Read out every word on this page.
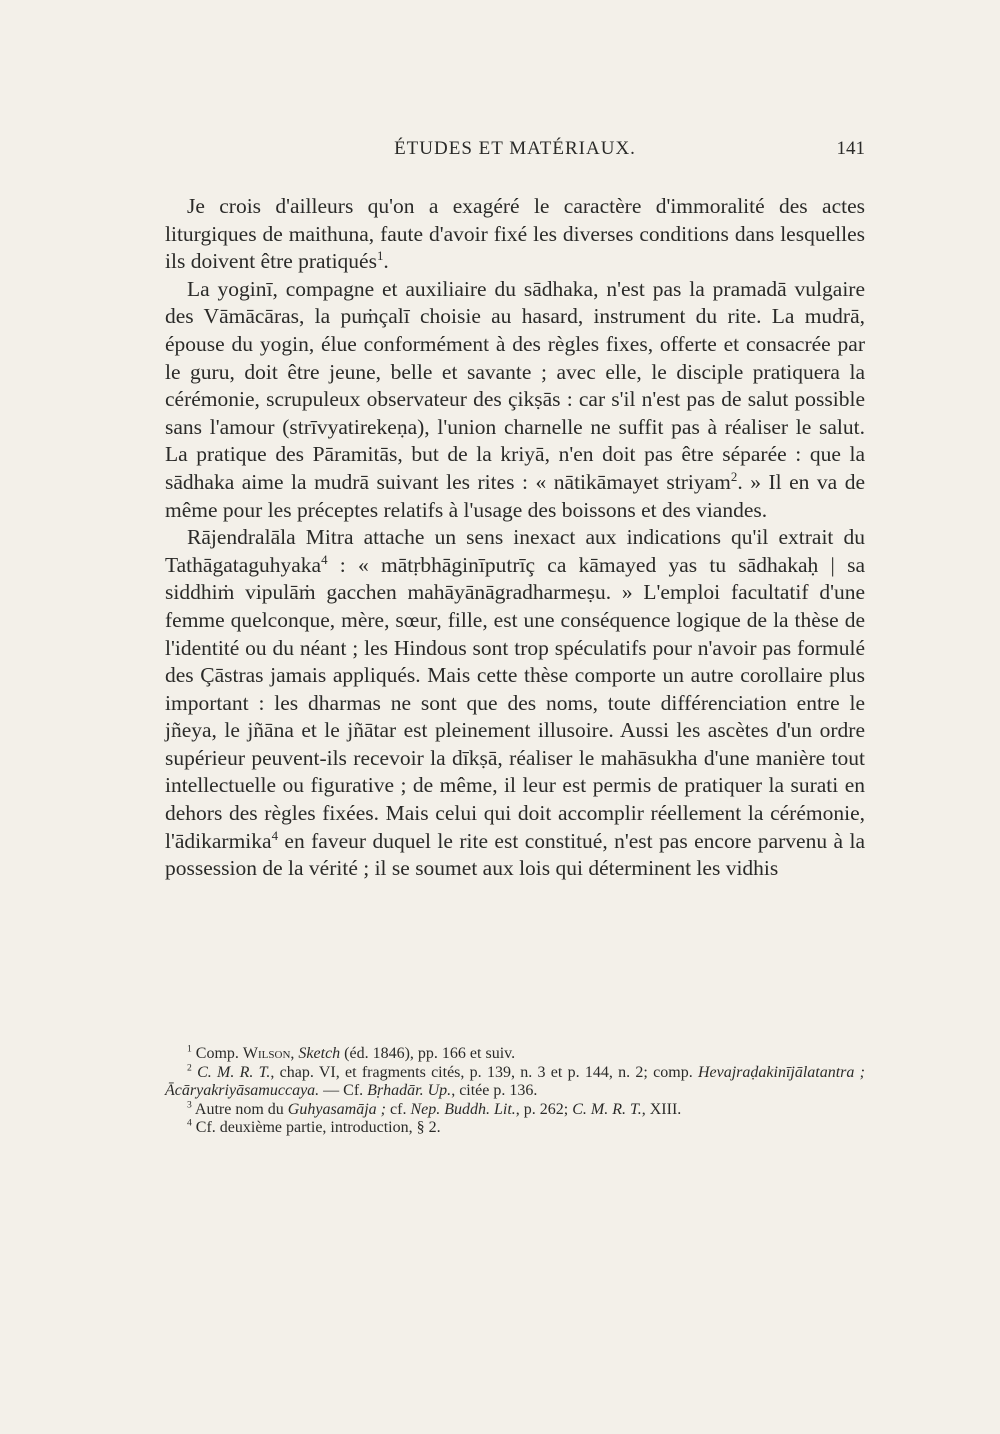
ÉTUDES ET MATÉRIAUX.	141

Je crois d'ailleurs qu'on a exagéré le caractère d'immoralité des actes liturgiques de maithuna, faute d'avoir fixé les diverses conditions dans lesquelles ils doivent être pratiqués$^1$.

La yoginī, compagne et auxiliaire du sādhaka, n'est pas la pramadā vulgaire des Vāmācāras, la puṁçalī choisie au hasard, instrument du rite. La mudrā, épouse du yogin, élue conformément à des règles fixes, offerte et consacrée par le guru, doit être jeune, belle et savante ; avec elle, le disciple pratiquera la cérémonie, scrupuleux observateur des çikṣās : car s'il n'est pas de salut possible sans l'amour (strīvyatirekeṇa), l'union charnelle ne suffit pas à réaliser le salut. La pratique des Pāramitās, but de la kriyā, n'en doit pas être séparée : que la sādhaka aime la mudrā suivant les rites : « nātikāmayet striyam$^2$. » Il en va de même pour les préceptes relatifs à l'usage des boissons et des viandes.

Rājendralāla Mitra attache un sens inexact aux indications qu'il extrait du Tathāgataguhyaka$^4$ : « mātṛbhāginīputrīç ca kāmayed yas tu sādhakaḥ | sa siddhiṁ vipulāṁ gacchen mahāyānāgradharmeṣu. » L'emploi facultatif d'une femme quelconque, mère, sœur, fille, est une conséquence logique de la thèse de l'identité ou du néant ; les Hindous sont trop spéculatifs pour n'avoir pas formulé des Çāstras jamais appliqués. Mais cette thèse comporte un autre corollaire plus important : les dharmas ne sont que des noms, toute différenciation entre le jñeya, le jñāna et le jñātar est pleinement illusoire. Aussi les ascètes d'un ordre supérieur peuvent-ils recevoir la dīkṣā, réaliser le mahāsukha d'une manière tout intellectuelle ou figurative ; de même, il leur est permis de pratiquer la surati en dehors des règles fixées. Mais celui qui doit accomplir réellement la cérémonie, l'ādikarmika$^4$ en faveur duquel le rite est constitué, n'est pas encore parvenu à la possession de la vérité ; il se soumet aux lois qui déterminent les vidhis

$^1$ Comp. Wilson, Sketch (éd. 1846), pp. 166 et suiv.

$^2$ C. M. R. T., chap. VI, et fragments cités, p. 139, n. 3 et p. 144, n. 2; comp. Hevajraḍakinījālatantra ; Ācāryakriyāsamuccaya. — Cf. Bṛhadār. Up., citée p. 136.

$^3$ Autre nom du Guhyasamāja ; cf. Nep. Buddh. Lit., p. 262; C. M. R. T., XIII.

$^4$ Cf. deuxième partie, introduction, § 2.
